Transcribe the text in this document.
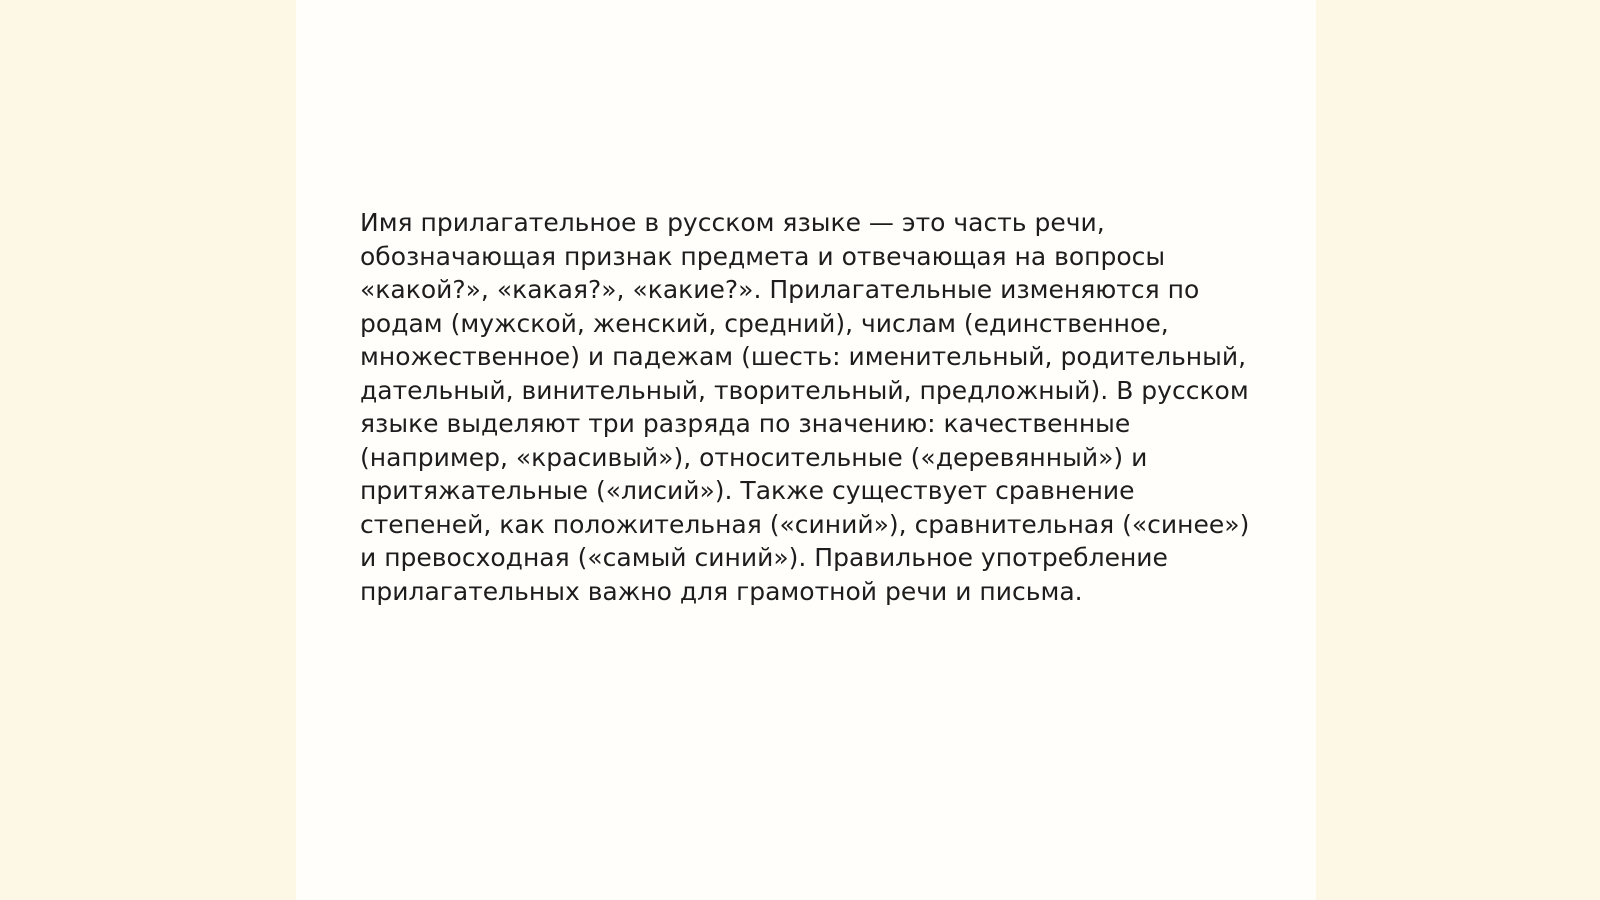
Имя прилагательное в русском языке — это часть речи, обозначающая признак предмета и отвечающая на вопросы «какой?», «какая?», «какие?». Прилагательные изменяются по родам (мужской, женский, средний), числам (единственное, множественное) и падежам (шесть: именительный, родительный, дательный, винительный, творительный, предложный). В русском языке выделяют три разряда по значению: качественные (например, «красивый»), относительные («деревянный») и притяжательные («лисий»). Также существует сравнение степеней, как положительная («синий»), сравнительная («синее») и превосходная («самый синий»). Правильное употребление прилагательных важно для грамотной речи и письма.
